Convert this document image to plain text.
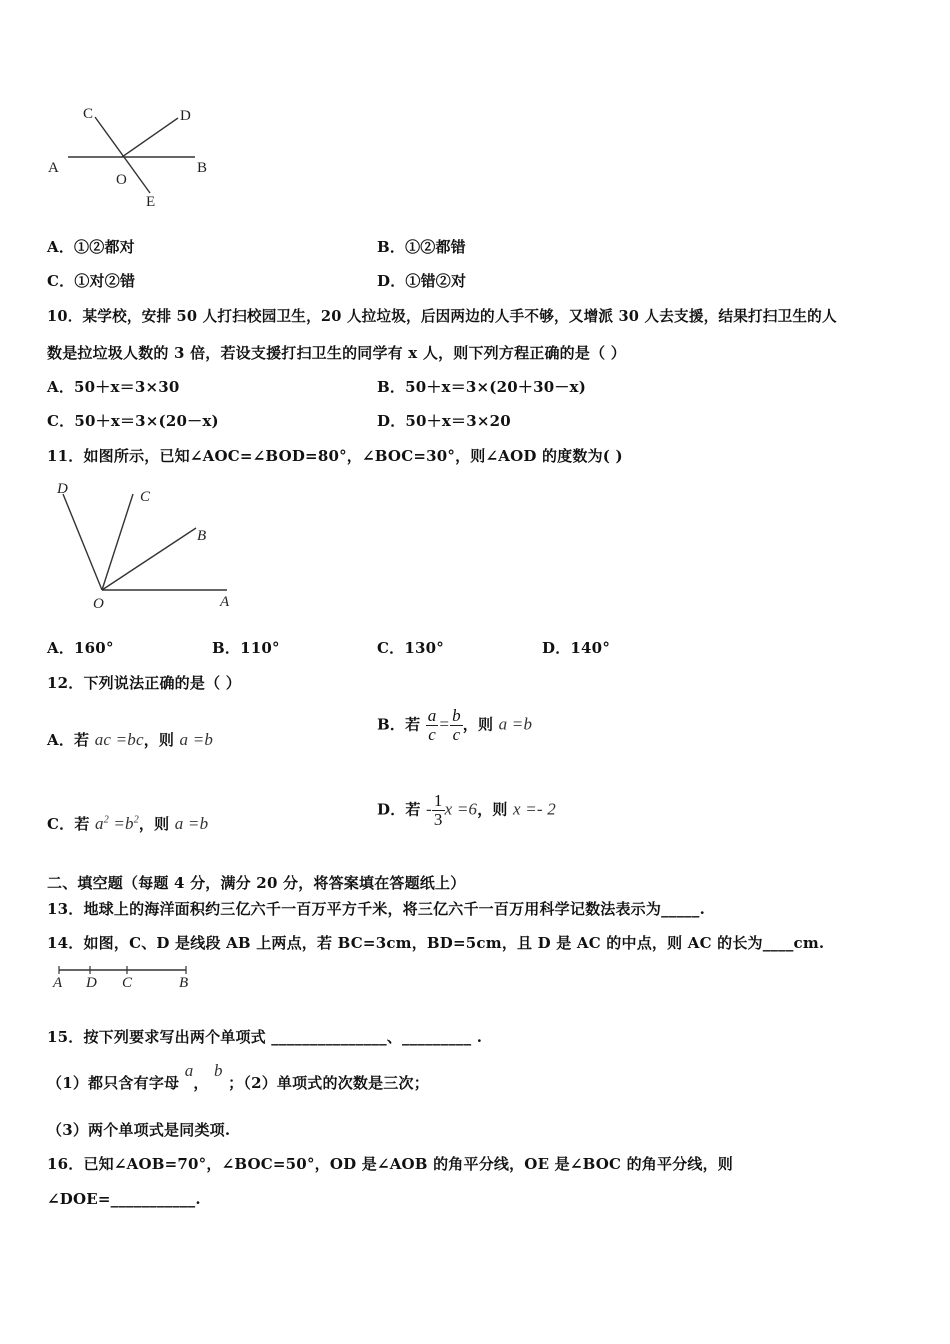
A	B
C	D
E
O
A．①②都对	B．①②都错
C．①对②错	D．①错②对
10．某学校，安排 50 人打扫校园卫生，20 人拉垃圾，后因两边的人手不够，又增派 30 人去支援，结果打扫卫生的人
数是拉垃圾人数的 3 倍，若设支援打扫卫生的同学有 x 人，则下列方程正确的是（ ）
A．50＋x＝3×30	B．50＋x＝3×(20＋30－x)
C．50＋x＝3×(20－x)	D．50＋x＝3×20
11．如图所示，已知∠AOC=∠BOD=80°，∠BOC=30°，则∠AOD 的度数为( )
D	C
B
O	A
A．160°	B．110°	C．130°	D．140°
12．下列说法正确的是（ ）
A．若 ac =bc，则 a =b
B．若 $\frac{a}{c} = \frac{b}{c}$ ，则 a =b
C．若 $a^2 =b^2$，则 a =b
D．若 - $\frac{1}{3}$ x =6，则 x =- 2
二、填空题（每题 4 分，满分 20 分，将答案填在答题纸上）
13．地球上的海洋面积约三亿六千一百万平方千米，将三亿六千一百万用科学记数法表示为_____.
14．如图，C、D 是线段 AB 上两点，若 BC=3cm，BD=5cm，且 D 是 AC 的中点，则 AC 的长为____cm.
A D C	B
15．按下列要求写出两个单项式 _______________、_________ .
（1）都只含有字母 a， b ；（2）单项式的次数是三次；
（3）两个单项式是同类项.
16．已知∠AOB=70°，∠BOC=50°，OD 是∠AOB 的角平分线，OE 是∠BOC 的角平分线，则
∠DOE=___________.
